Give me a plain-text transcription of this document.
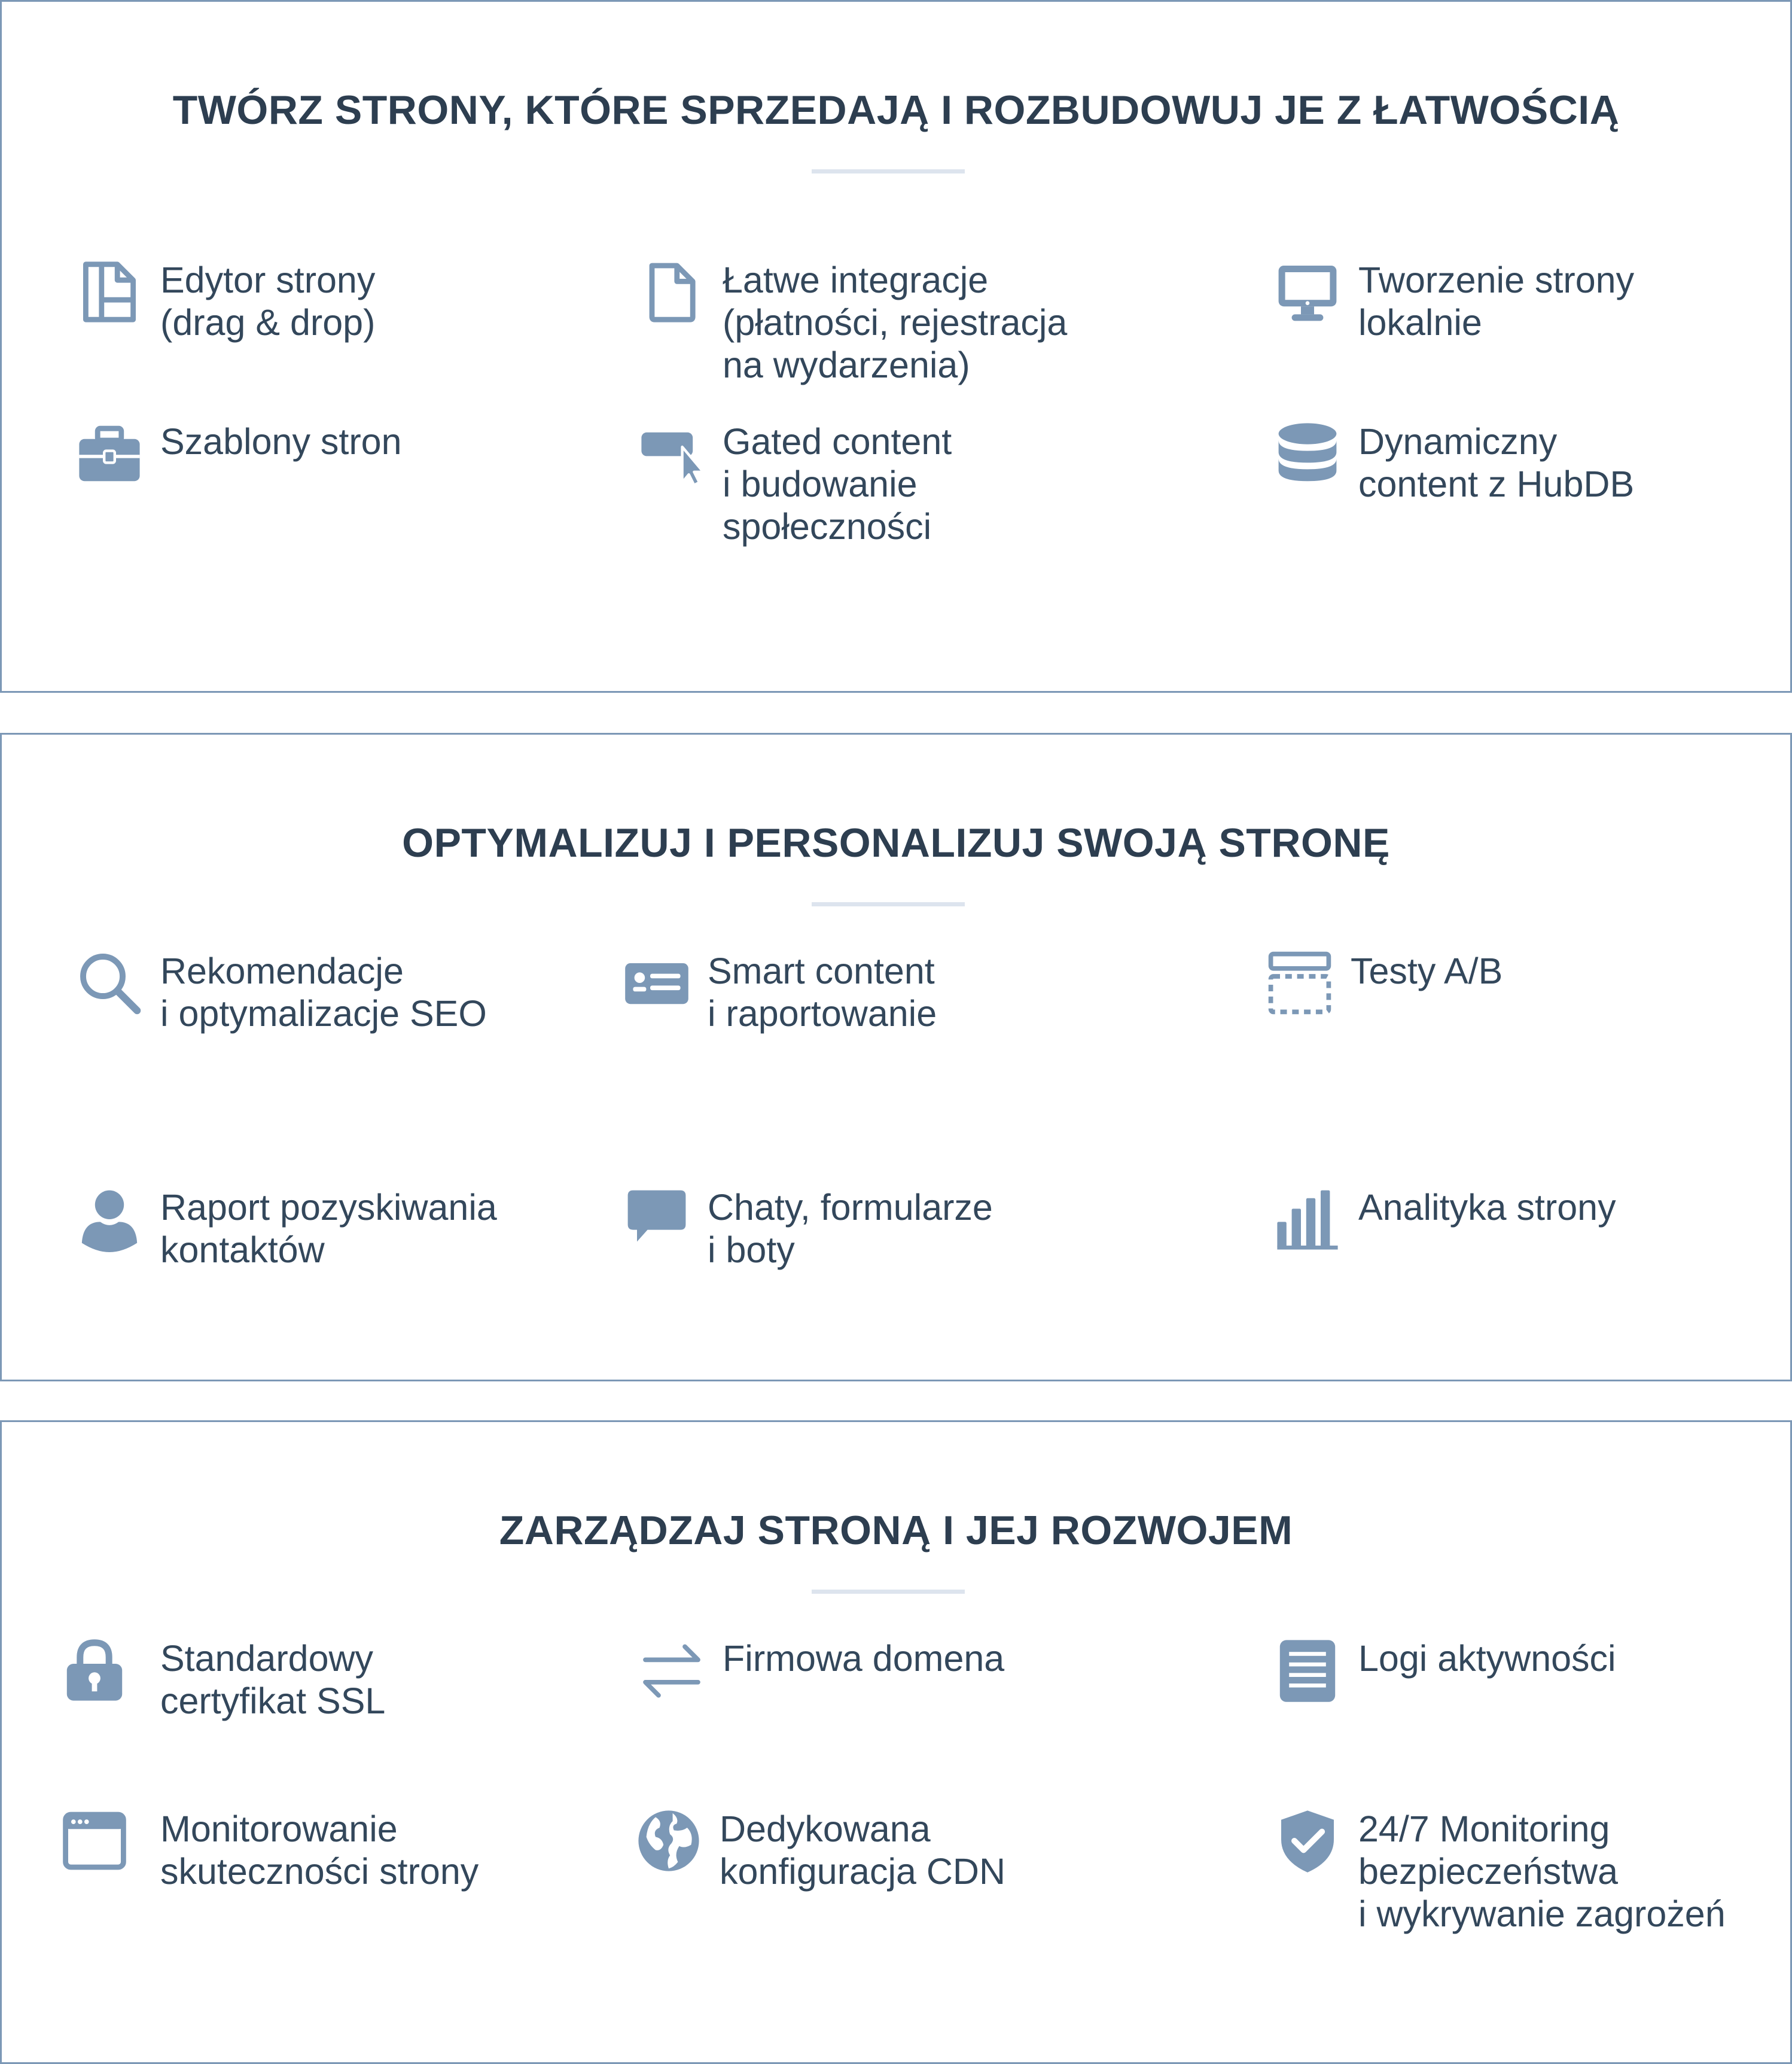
TWÓRZ STRONY, KTÓRE SPRZEDAJĄ I ROZBUDOWUJ JE Z ŁATWOŚCIĄ
Edytor strony
(drag & drop)
Łatwe integracje
(płatności, rejestracja
na wydarzenia)
Tworzenie strony
lokalnie
Szablony stron	Gated content
i budowanie
społeczności
Dynamiczny
content z HubDB
OPTYMALIZUJ I PERSONALIZUJ SWOJĄ STRONĘ
Rekomendacje
i optymalizacje SEO
Smart content
i raportowanie
Testy A/B
Raport pozyskiwania
kontaktów
Chaty, formularze
i boty
Analityka strony
ZARZĄDZAJ STRONĄ I JEJ ROZWOJEM
Standardowy
certyfikat SSL
Firmowa domena	Logi aktywności
Monitorowanie
skuteczności strony
Dedykowana
konfiguracja CDN
24/7 Monitoring
bezpieczeństwa
i wykrywanie zagrożeń
